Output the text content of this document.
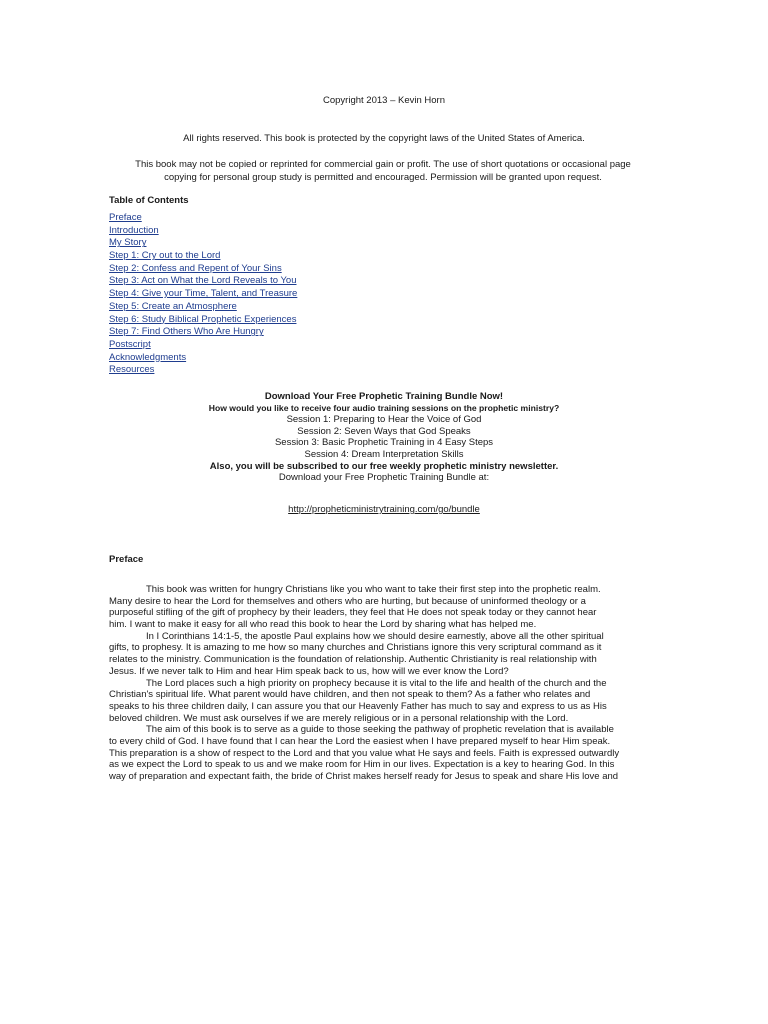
Copyright 2013 – Kevin Horn
All rights reserved. This book is protected by the copyright laws of the United States of America.
This book may not be copied or reprinted for commercial gain or profit. The use of short quotations or occasional page
copying for personal group study is permitted and encouraged. Permission will be granted upon request.
Table of Contents
Preface
Introduction
My Story
Step 1: Cry out to the Lord
Step 2: Confess and Repent of Your Sins
Step 3: Act on What the Lord Reveals to You
Step 4: Give your Time, Talent, and Treasure
Step 5: Create an Atmosphere
Step 6: Study Biblical Prophetic Experiences
Step 7: Find Others Who Are Hungry
Postscript
Acknowledgments
Resources
Download Your Free Prophetic Training Bundle Now!
How would you like to receive four audio training sessions on the prophetic ministry?
Session 1: Preparing to Hear the Voice of God
Session 2: Seven Ways that God Speaks
Session 3: Basic Prophetic Training in 4 Easy Steps
Session 4: Dream Interpretation Skills
Also, you will be subscribed to our free weekly prophetic ministry newsletter.
Download your Free Prophetic Training Bundle at:
http://propheticministrytraining.com/go/bundle
Preface
This book was written for hungry Christians like you who want to take their first step into the prophetic realm.
Many desire to hear the Lord for themselves and others who are hurting, but because of uninformed theology or a
purposeful stifling of the gift of prophecy by their leaders, they feel that He does not speak today or they cannot hear
him. I want to make it easy for all who read this book to hear the Lord by sharing what has helped me.
In I Corinthians 14:1-5, the apostle Paul explains how we should desire earnestly, above all the other spiritual
gifts, to prophesy. It is amazing to me how so many churches and Christians ignore this very scriptural command as it
relates to the ministry. Communication is the foundation of relationship. Authentic Christianity is real relationship with
Jesus. If we never talk to Him and hear Him speak back to us, how will we ever know the Lord?
The Lord places such a high priority on prophecy because it is vital to the life and health of the church and the
Christian's spiritual life. What parent would have children, and then not speak to them? As a father who relates and
speaks to his three children daily, I can assure you that our Heavenly Father has much to say and express to us as His
beloved children. We must ask ourselves if we are merely religious or in a personal relationship with the Lord.
The aim of this book is to serve as a guide to those seeking the pathway of prophetic revelation that is available
to every child of God. I have found that I can hear the Lord the easiest when I have prepared myself to hear Him speak.
This preparation is a show of respect to the Lord and that you value what He says and feels. Faith is expressed outwardly
as we expect the Lord to speak to us and we make room for Him in our lives. Expectation is a key to hearing God. In this
way of preparation and expectant faith, the bride of Christ makes herself ready for Jesus to speak and share His love and
